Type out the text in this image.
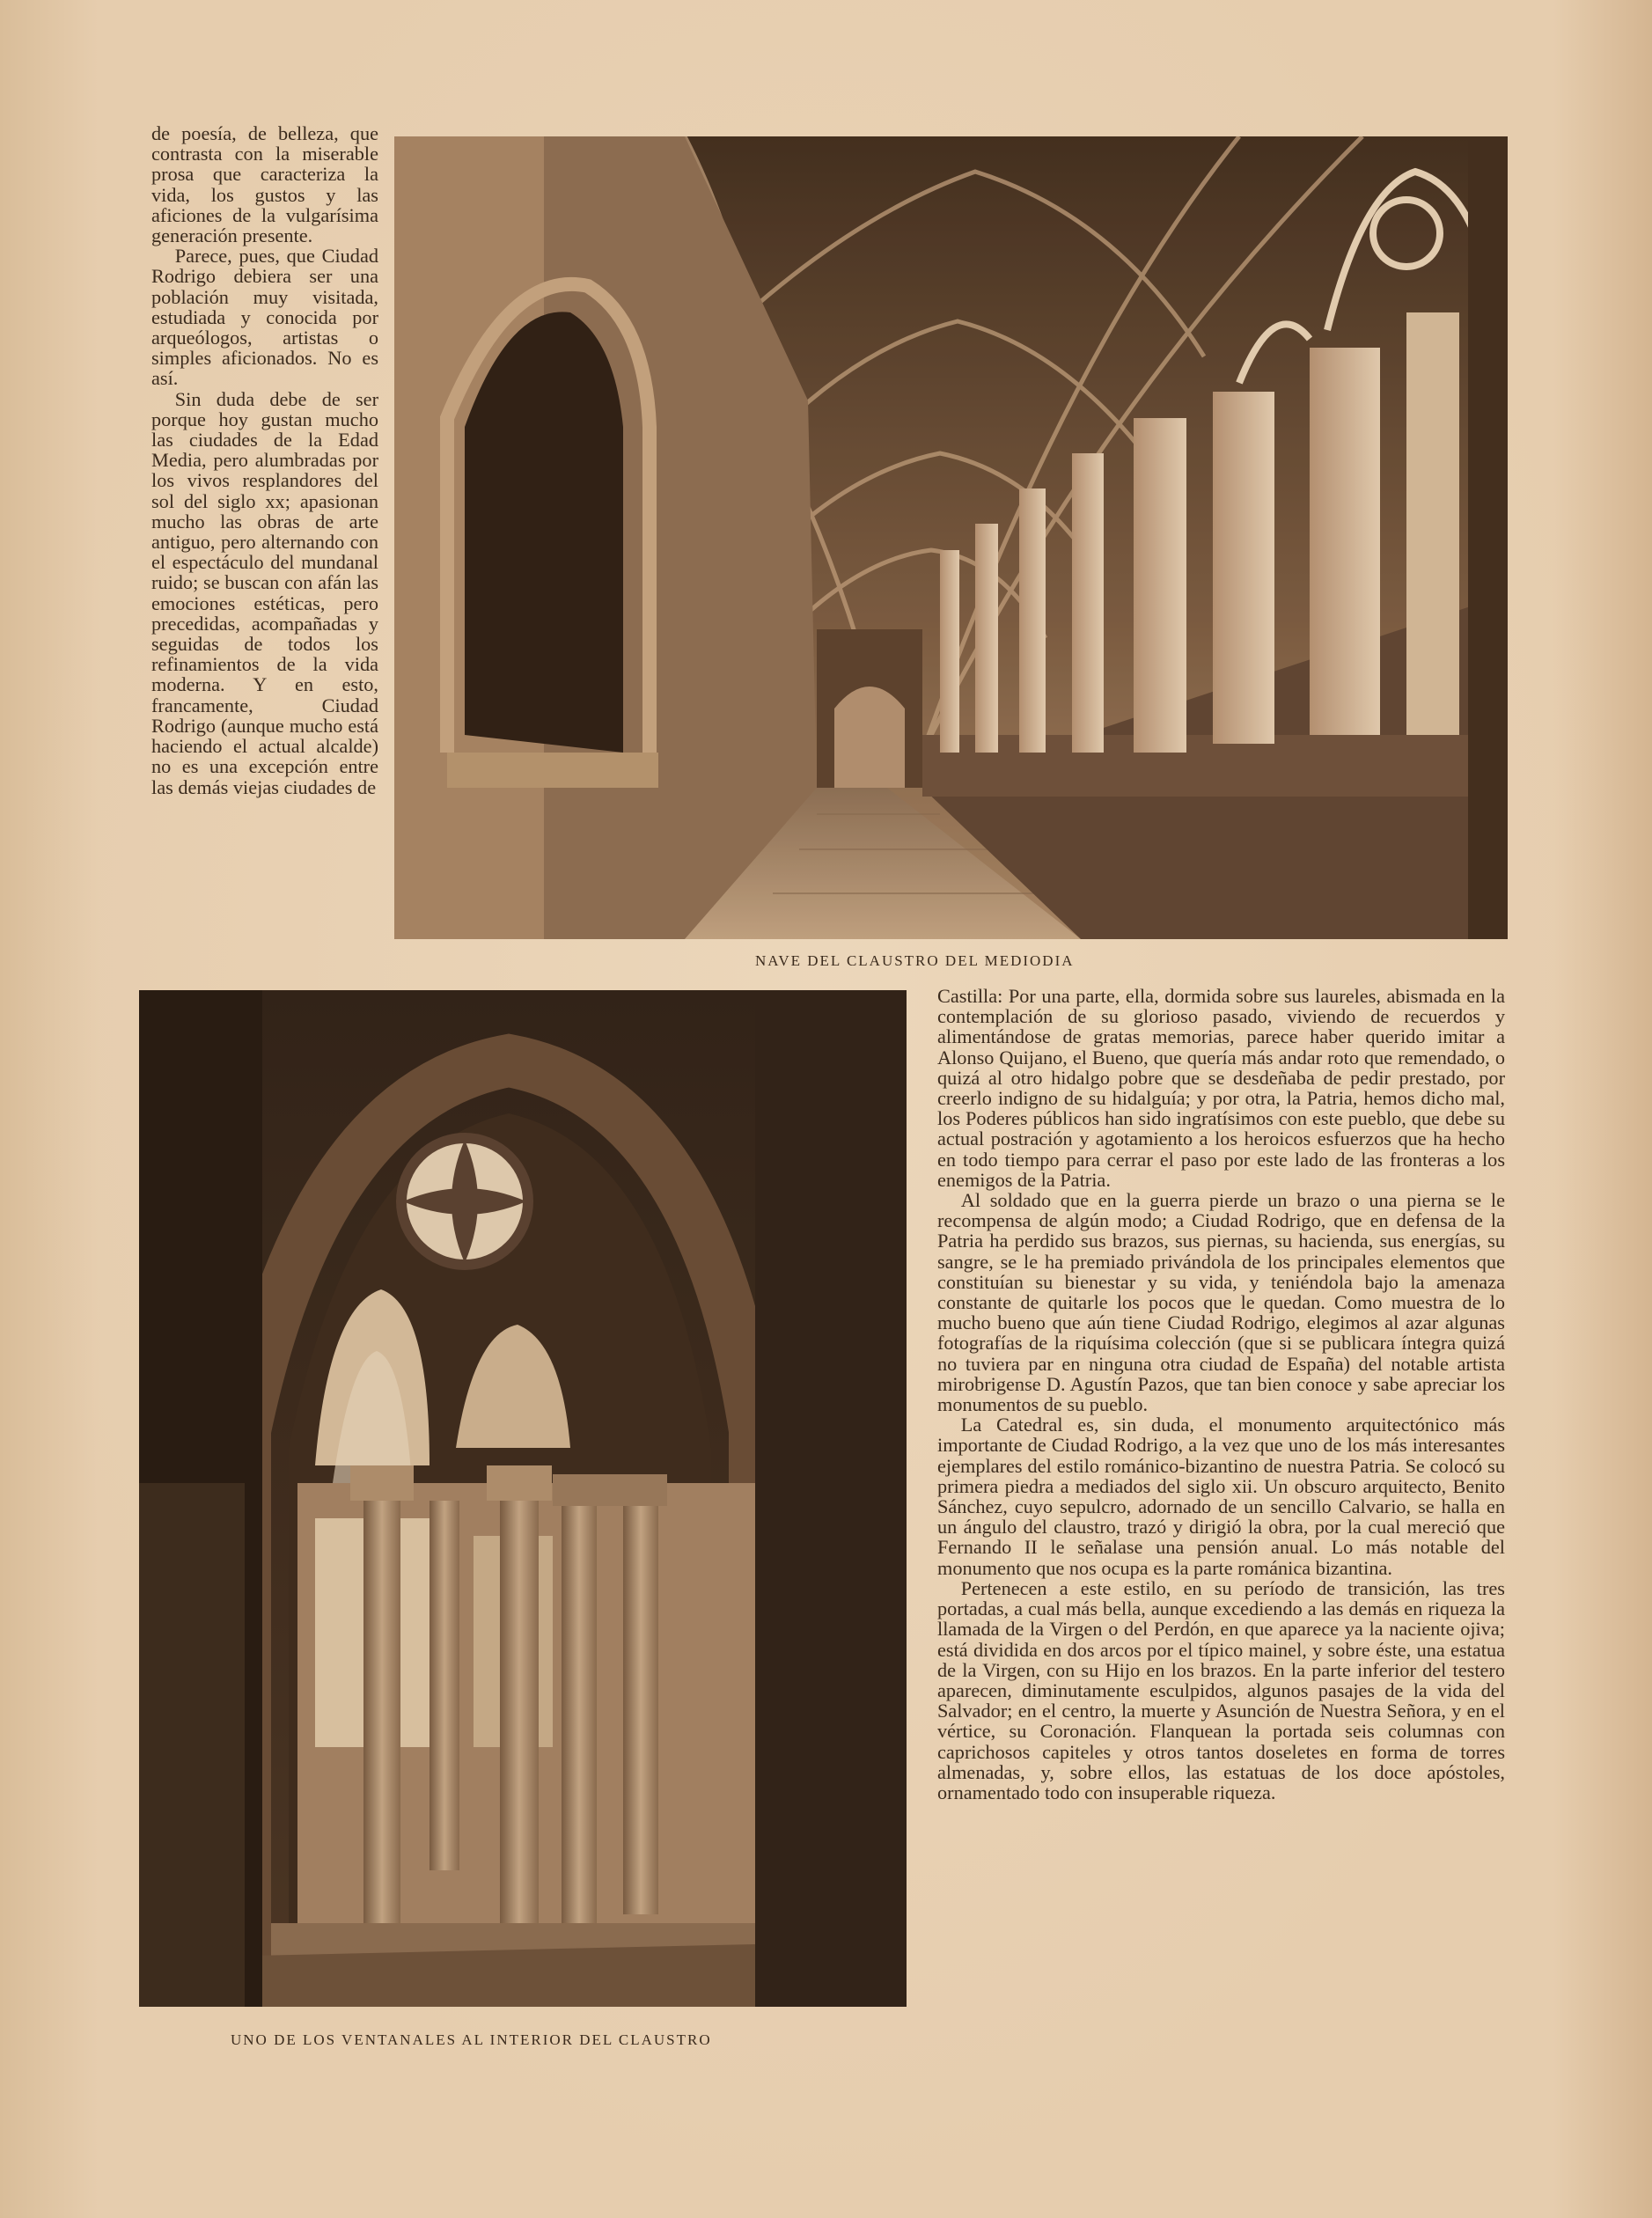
de poesía, de belleza, que contrasta con la miserable prosa que caracteriza la vida, los gustos y las aficiones de la vulgarísima generación presente.

Parece, pues, que Ciudad Rodrigo debiera ser una población muy visitada, estudiada y conocida por arqueólogos, artistas o simples aficionados. No es así.

Sin duda debe de ser porque hoy gustan mucho las ciudades de la Edad Media, pero alumbradas por los vivos resplandores del sol del siglo xx; apasionan mucho las obras de arte antiguo, pero alternando con el espectáculo del mundanal ruido; se buscan con afán las emociones estéticas, pero precedidas, acompañadas y seguidas de todos los refinamientos de la vida moderna. Y en esto, francamente, Ciudad Rodrigo (aunque mucho está haciendo el actual alcalde) no es una excepción entre las demás viejas ciudades de

NAVE DEL CLAUSTRO DEL MEDIODIA
UNO DE LOS VENTANALES AL INTERIOR DEL CLAUSTRO

Castilla: Por una parte, ella, dormida sobre sus laureles, abismada en la contemplación de su glorioso pasado, viviendo de recuerdos y alimentándose de gratas memorias, parece haber querido imitar a Alonso Quijano, el Bueno, que quería más andar roto que remendado, o quizá al otro hidalgo pobre que se desdeñaba de pedir prestado, por creerlo indigno de su hidalguía; y por otra, la Patria, hemos dicho mal, los Poderes públicos han sido ingratísimos con este pueblo, que debe su actual postración y agotamiento a los heroicos esfuerzos que ha hecho en todo tiempo para cerrar el paso por este lado de las fronteras a los enemigos de la Patria.

Al soldado que en la guerra pierde un brazo o una pierna se le recompensa de algún modo; a Ciudad Rodrigo, que en defensa de la Patria ha perdido sus brazos, sus piernas, su hacienda, sus energías, su sangre, se le ha premiado privándola de los principales elementos que constituían su bienestar y su vida, y teniéndola bajo la amenaza constante de quitarle los pocos que le quedan. Como muestra de lo mucho bueno que aún tiene Ciudad Rodrigo, elegimos al azar algunas fotografías de la riquísima colección (que si se publicara íntegra quizá no tuviera par en ninguna otra ciudad de España) del notable artista mirobrigense D. Agustín Pazos, que tan bien conoce y sabe apreciar los monumentos de su pueblo.

La Catedral es, sin duda, el monumento arquitectónico más importante de Ciudad Rodrigo, a la vez que uno de los más interesantes ejemplares del estilo románico-bizantino de nuestra Patria. Se colocó su primera piedra a mediados del siglo xii. Un obscuro arquitecto, Benito Sánchez, cuyo sepulcro, adornado de un sencillo Calvario, se halla en un ángulo del claustro, trazó y dirigió la obra, por la cual mereció que Fernando II le señalase una pensión anual. Lo más notable del monumento que nos ocupa es la parte románica bizantina.

Pertenecen a este estilo, en su período de transición, las tres portadas, a cual más bella, aunque excediendo a las demás en riqueza la llamada de la Virgen o del Perdón, en que aparece ya la naciente ojiva; está dividida en dos arcos por el típico mainel, y sobre éste, una estatua de la Virgen, con su Hijo en los brazos. En la parte inferior del testero aparecen, diminutamente esculpidos, algunos pasajes de la vida del Salvador; en el centro, la muerte y Asunción de Nuestra Señora, y en el vértice, su Coronación. Flanquean la portada seis columnas con caprichosos capiteles y otros tantos doseletes en forma de torres almenadas, y, sobre ellos, las estatuas de los doce apóstoles, ornamentado todo con insuperable riqueza.
